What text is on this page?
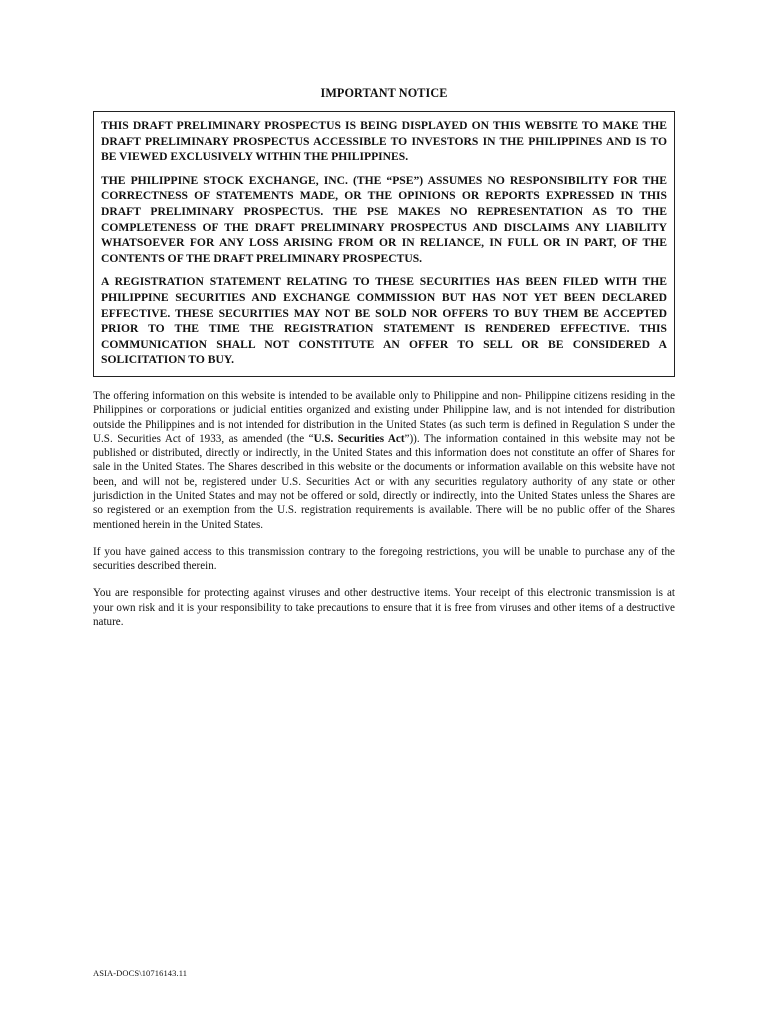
IMPORTANT NOTICE

THIS DRAFT PRELIMINARY PROSPECTUS IS BEING DISPLAYED ON THIS WEBSITE TO MAKE THE DRAFT PRELIMINARY PROSPECTUS ACCESSIBLE TO INVESTORS IN THE PHILIPPINES AND IS TO BE VIEWED EXCLUSIVELY WITHIN THE PHILIPPINES.

THE PHILIPPINE STOCK EXCHANGE, INC. (THE “PSE”) ASSUMES NO RESPONSIBILITY FOR THE CORRECTNESS OF STATEMENTS MADE, OR THE OPINIONS OR REPORTS EXPRESSED IN THIS DRAFT PRELIMINARY PROSPECTUS. THE PSE MAKES NO REPRESENTATION AS TO THE COMPLETENESS OF THE DRAFT PRELIMINARY PROSPECTUS AND DISCLAIMS ANY LIABILITY WHATSOEVER FOR ANY LOSS ARISING FROM OR IN RELIANCE, IN FULL OR IN PART, OF THE CONTENTS OF THE DRAFT PRELIMINARY PROSPECTUS.

A REGISTRATION STATEMENT RELATING TO THESE SECURITIES HAS BEEN FILED WITH THE PHILIPPINE SECURITIES AND EXCHANGE COMMISSION BUT HAS NOT YET BEEN DECLARED EFFECTIVE. THESE SECURITIES MAY NOT BE SOLD NOR OFFERS TO BUY THEM BE ACCEPTED PRIOR TO THE TIME THE REGISTRATION STATEMENT IS RENDERED EFFECTIVE. THIS COMMUNICATION SHALL NOT CONSTITUTE AN OFFER TO SELL OR BE CONSIDERED A SOLICITATION TO BUY.

The offering information on this website is intended to be available only to Philippine and non- Philippine citizens residing in the Philippines or corporations or judicial entities organized and existing under Philippine law, and is not intended for distribution outside the Philippines and is not intended for distribution in the United States (as such term is defined in Regulation S under the U.S. Securities Act of 1933, as amended (the “U.S. Securities Act”)). The information contained in this website may not be published or distributed, directly or indirectly, in the United States and this information does not constitute an offer of Shares for sale in the United States. The Shares described in this website or the documents or information available on this website have not been, and will not be, registered under U.S. Securities Act or with any securities regulatory authority of any state or other jurisdiction in the United States and may not be offered or sold, directly or indirectly, into the United States unless the Shares are so registered or an exemption from the U.S. registration requirements is available. There will be no public offer of the Shares mentioned herein in the United States.

If you have gained access to this transmission contrary to the foregoing restrictions, you will be unable to purchase any of the securities described therein.

You are responsible for protecting against viruses and other destructive items. Your receipt of this electronic transmission is at your own risk and it is your responsibility to take precautions to ensure that it is free from viruses and other items of a destructive nature.

ASIA-DOCS\10716143.11
